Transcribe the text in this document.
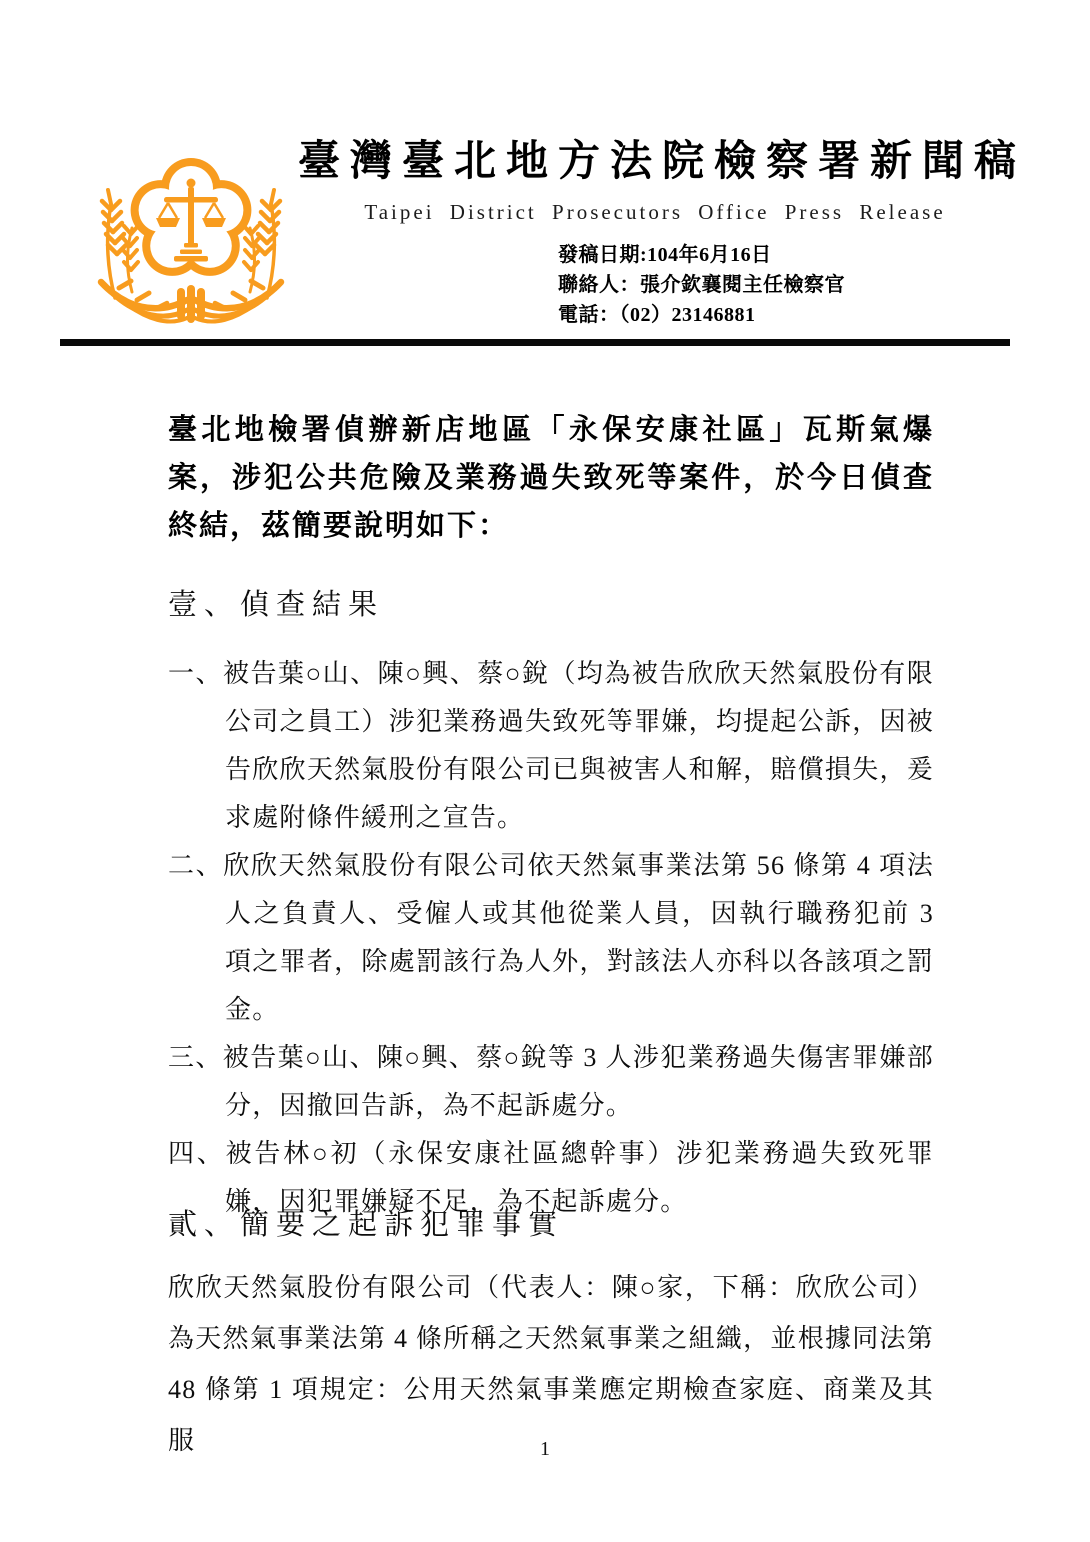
臺灣臺北地方法院檢察署新聞稿
Taipei District Prosecutors Office Press Release
發稿日期:104年6月16日
聯絡人：張介欽襄閱主任檢察官
電話：（02）23146881
臺北地檢署偵辦新店地區「永保安康社區」瓦斯氣爆案，涉犯公共危險及業務過失致死等案件，於今日偵查終結，茲簡要說明如下：
壹、偵查結果
一、被告葉○山、陳○興、蔡○銳（均為被告欣欣天然氣股份有限公司之員工）涉犯業務過失致死等罪嫌，均提起公訴，因被告欣欣天然氣股份有限公司已與被害人和解，賠償損失，爰求處附條件緩刑之宣告。
二、欣欣天然氣股份有限公司依天然氣事業法第 56 條第 4 項法人之負責人、受僱人或其他從業人員，因執行職務犯前 3 項之罪者，除處罰該行為人外，對該法人亦科以各該項之罰金。
三、被告葉○山、陳○興、蔡○銳等 3 人涉犯業務過失傷害罪嫌部分，因撤回告訴，為不起訴處分。
四、被告林○初（永保安康社區總幹事）涉犯業務過失致死罪嫌，因犯罪嫌疑不足，為不起訴處分。
貳、簡要之起訴犯罪事實
欣欣天然氣股份有限公司（代表人：陳○家，下稱：欣欣公司）為天然氣事業法第 4 條所稱之天然氣事業之組織，並根據同法第 48 條第 1 項規定：公用天然氣事業應定期檢查家庭、商業及其服	1
